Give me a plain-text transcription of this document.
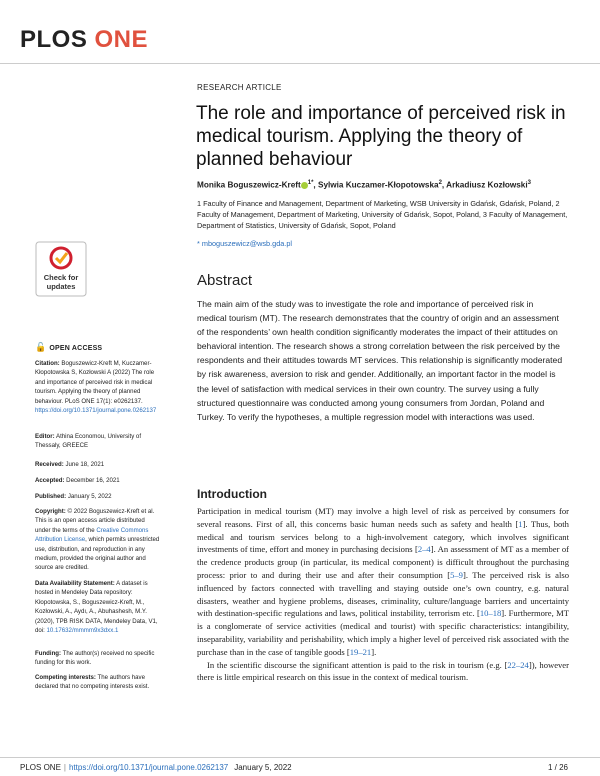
PLOS ONE
RESEARCH ARTICLE
The role and importance of perceived risk in medical tourism. Applying the theory of planned behaviour
Monika Boguszewicz-Kreft $^{1*}$, Sylwia Kuczamer-Kłopotowska$^2$, Arkadiusz Kozłowski$^3$
1 Faculty of Finance and Management, Department of Marketing, WSB University in Gdańsk, Gdańsk, Poland, 2 Faculty of Management, Department of Marketing, University of Gdańsk, Sopot, Poland, 3 Faculty of Management, Department of Statistics, University of Gdańsk, Sopot, Poland
* mboguszewicz@wsb.gda.pl
Check for
updates
🔓 OPEN ACCESS
Citation: Boguszewicz-Kreft M, Kuczamer-Kłopotowska S, Kozłowski A (2022) The role and importance of perceived risk in medical tourism. Applying the theory of planned behaviour. PLoS ONE 17(1): e0262137. https://doi.org/10.1371/journal.pone.0262137
Editor: Athina Economou, University of Thessaly, GREECE
Received: June 18, 2021
Accepted: December 16, 2021
Published: January 5, 2022
Copyright: © 2022 Boguszewicz-Kreft et al. This is an open access article distributed under the terms of the Creative Commons Attribution License, which permits unrestricted use, distribution, and reproduction in any medium, provided the original author and source are credited.
Data Availability Statement: A dataset is hosted in Mendeley Data repository: Kłopotowska, S., Boguszewicz-Kreft, M., Kozłowski, A., Aydı, A., Abuhashesh, M.Y. (2020), TPB RISK DATA, Mendeley Data, V1, doi: 10.17632/mmmm9x3dxx.1
Funding: The author(s) received no specific funding for this work.
Competing interests: The authors have declared that no competing interests exist.
Abstract
The main aim of the study was to investigate the role and importance of perceived risk in medical tourism (MT). The research demonstrates that the country of origin and an assessment of the respondents’ own health condition significantly moderates the impact of their attitudes on behavioral intention. The research shows a strong correlation between the risk perceived by the respondents and their attitudes towards MT services. This relationship is significantly moderated by risk awareness, aversion to risk and gender. Additionally, an important factor in the model is the level of satisfaction with medical services in their own country. The survey using a fully structured questionnaire was conducted among young consumers from Jordan, Poland and Turkey. To verify the hypotheses, a multiple regression model with interactions was used.
Introduction

Participation in medical tourism (MT) may involve a high level of risk as perceived by consumers for several reasons. First of all, this concerns basic human needs such as safety and health [1]. Thus, both medical and tourism services belong to a high-involvement category, which involves significant investments of time, effort and money in purchasing decisions [2–4]. An assessment of MT as a member of the credence products group (in particular, its medical component) is difficult throughout the purchasing process: prior to and during their use and after their consumption [5–9]. The perceived risk is also influenced by factors connected with travelling and staying outside one’s own country, e.g. natural disasters, weather and hygiene problems, diseases, criminality, culture/language barriers and uncertainty with destination-specific regulations and laws, political instability, terrorism etc. [10–18]. Furthermore, MT is a conglomerate of service activities (medical and tourist) with specific characteristics: intangibility, inseparability, variability and perishability, which imply a higher level of perceived risk associated with the purchase than in the case of tangible goods [19–21].

In the scientific discourse the significant attention is paid to the risk in tourism (e.g. [22–24]), however there is little empirical research on this issue in the context of medical tourism.

PLOS ONE | https://doi.org/10.1371/journal.pone.0262137 January 5, 2022	1 / 26
